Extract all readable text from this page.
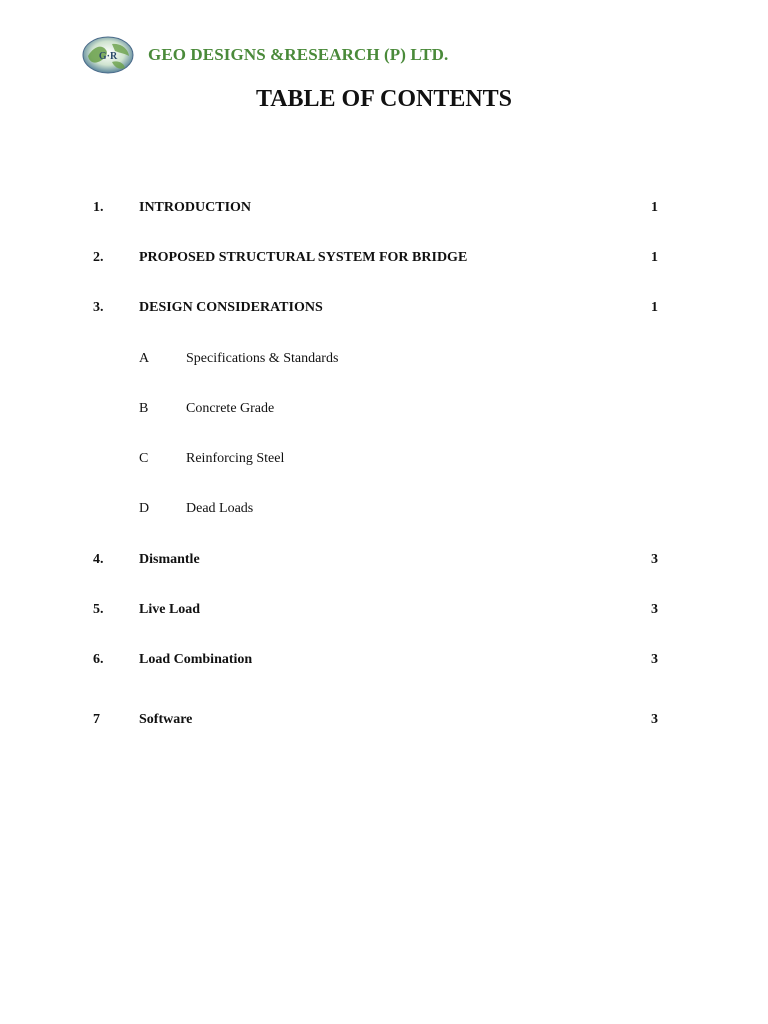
G·R GEO DESIGNS &RESEARCH (P) LTD.
TABLE OF CONTENTS
1.	INTRODUCTION	1
2.	PROPOSED STRUCTURAL SYSTEM FOR BRIDGE	1
3.	DESIGN CONSIDERATIONS	1
A	Specifications & Standards
B	Concrete Grade
C	Reinforcing Steel
D	Dead Loads
4.	Dismantle	3
5.	Live Load	3
6.	Load Combination	3
7	Software	3
